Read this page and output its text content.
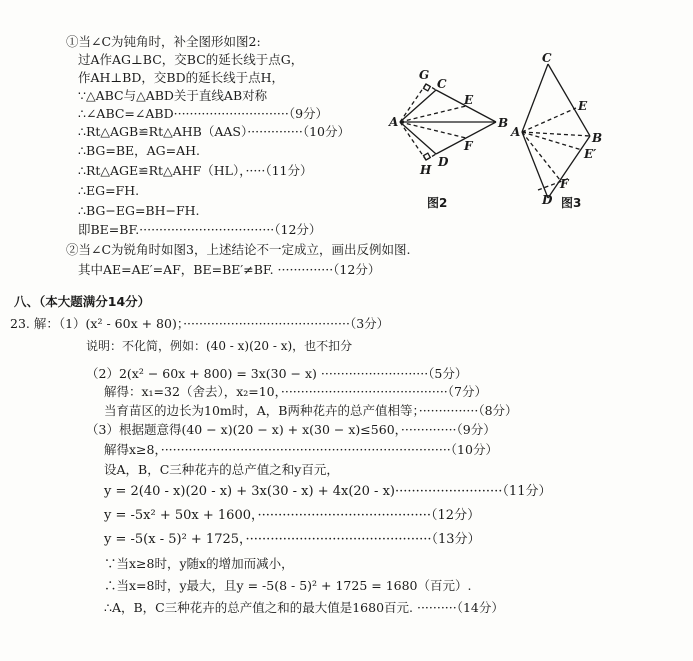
①当∠C为钝角时，补全图形如图2:
过A作AG⊥BC，交BC的延长线于点G，
作AH⊥BD，交BD的延长线于点H，
∵△ABC与△ABD关于直线AB对称
∴∠ABC=∠ABD·····························（9分）
∴Rt△AGB≌Rt△AHB（AAS）··············（10分）
∴BG=BE，AG=AH.
∴Rt△AGE≌Rt△AHF（HL），·····（11分）
∴EG=FH.
∴BG−EG=BH−FH.
即BE=BF.··································（12分）
②当∠C为锐角时如图3，上述结论不一定成立，画出反例如图.
其中AE=AE′=AF，BE=BE′≠BF. ··············（12分）
G
C
E
A	B
F
D
H
图2
C
E
A	B
E′
F
D 图3
八、（本大题满分14分）
23. 解：（1）(x² - 60x + 80)；··········································（3分）
说明：不化简，例如：(40 - x)(20 - x)，也不扣分
（2）2(x² − 60x + 800) = 3x(30 − x) ···························（5分）
解得：x₁=32（舍去），x₂=10，··········································（7分）
当育苗区的边长为10m时，A，B两种花卉的总产值相等；···············（8分）
（3）根据题意得(40 − x)(20 − x) + x(30 − x)≤560，··············（9分）
解得x≥8，·········································································（10分）
设A，B，C三种花卉的总产值之和y百元，
y = 2(40 - x)(20 - x) + 3x(30 - x) + 4x(20 - x)··························（11分）
y = -5x² + 50x + 1600，··········································（12分）
y = -5(x - 5)² + 1725，·············································（13分）
∵当x≥8时，y随x的增加而减小，
∴当x=8时，y最大，且y = -5(8 - 5)² + 1725 = 1680（百元）.
∴A，B，C三种花卉的总产值之和的最大值是1680百元. ··········（14分）
